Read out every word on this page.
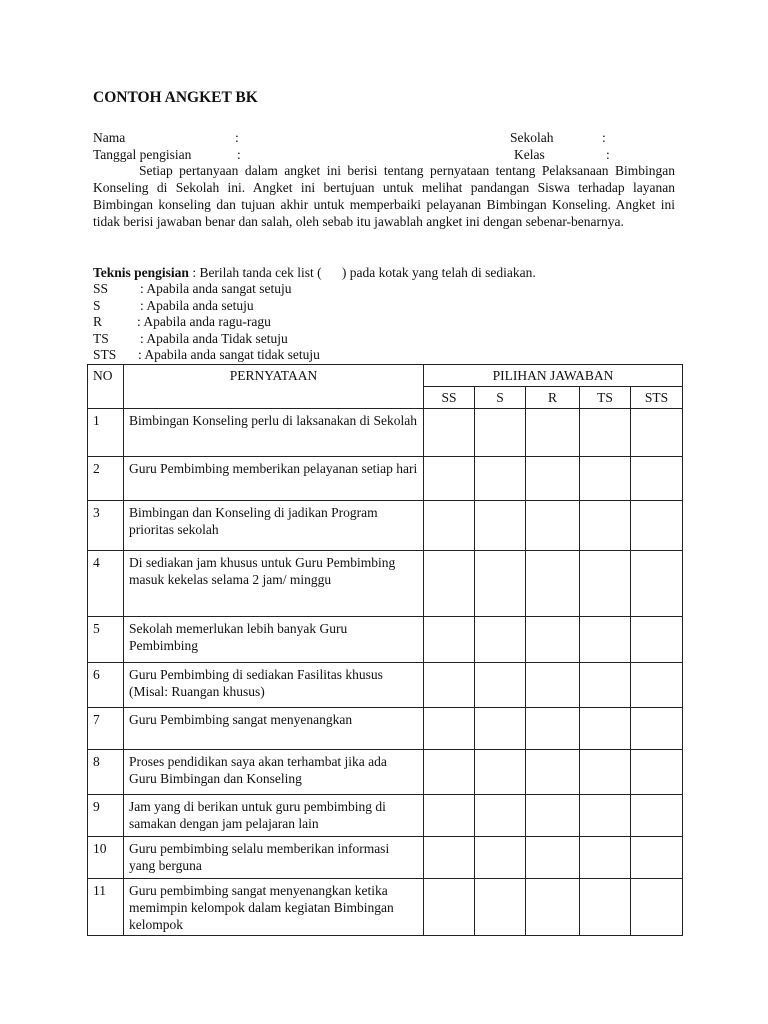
CONTOH ANGKET BK
Nama	:	Sekolah	:
Tanggal pengisian	:	Kelas	:
Setiap pertanyaan dalam angket ini berisi tentang pernyataan tentang Pelaksanaan Bimbingan Konseling di Sekolah ini. Angket ini bertujuan untuk melihat pandangan Siswa terhadap layanan Bimbingan konseling dan tujuan akhir untuk memperbaiki pelayanan Bimbingan Konseling. Angket ini tidak berisi jawaban benar dan salah, oleh sebab itu jawablah angket ini dengan sebenar-benarnya.
Teknis pengisian : Berilah tanda cek list (      ) pada kotak yang telah di sediakan.
SS : Apabila anda sangat setuju
S	: Apabila anda setuju
R	: Apabila anda ragu-ragu
TS : Apabila anda Tidak setuju
STS : Apabila anda sangat tidak setuju
NO	PERNYATAAN	PILIHAN JAWABAN				
		SS	S	R	TS	STS
1	Bimbingan Konseling perlu di laksanakan di Sekolah					
2	Guru Pembimbing memberikan pelayanan setiap hari					
3	Bimbingan dan Konseling di jadikan Program prioritas sekolah					
4	Di sediakan jam khusus untuk Guru Pembimbing masuk kekelas selama 2 jam/ minggu					
5	Sekolah memerlukan lebih banyak Guru Pembimbing					
6	Guru Pembimbing di sediakan Fasilitas khusus (Misal: Ruangan khusus)					
7	Guru Pembimbing sangat menyenangkan					
8	Proses pendidikan saya akan terhambat jika ada Guru Bimbingan dan Konseling					
9	Jam yang di berikan untuk guru pembimbing di samakan dengan jam pelajaran lain					
10	Guru pembimbing selalu memberikan informasi yang berguna					
11	Guru pembimbing sangat menyenangkan ketika memimpin kelompok dalam kegiatan Bimbingan kelompok					
